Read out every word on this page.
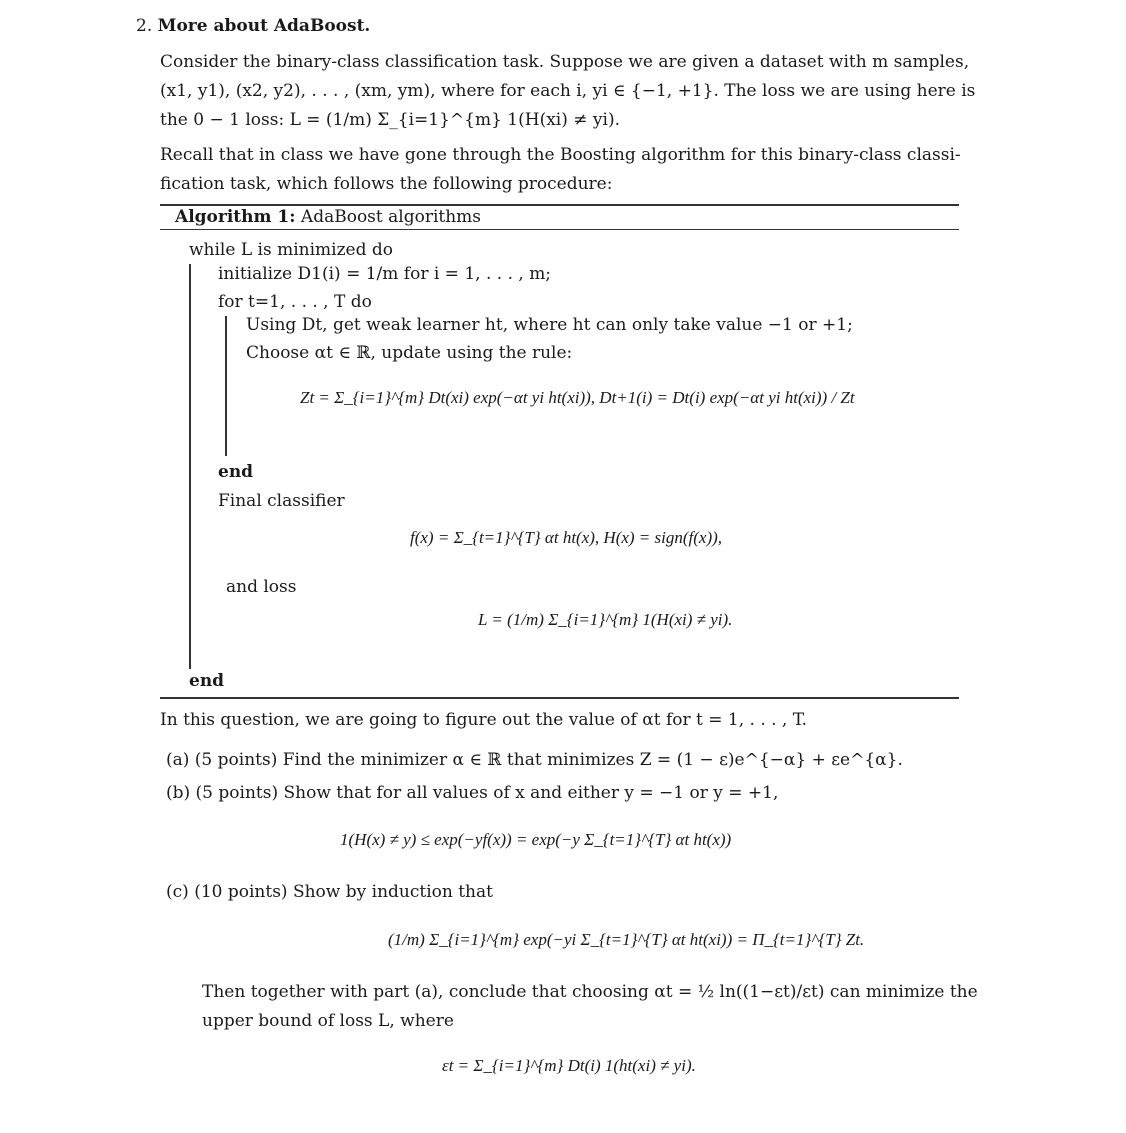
2. More about AdaBoost.
Consider the binary-class classification task. Suppose we are given a dataset with m samples,
(x1, y1), (x2, y2), . . . , (xm, ym), where for each i, yi ∈ {−1, +1}. The loss we are using here is
the 0 − 1 loss: L = (1/m) Σ_{i=1}^{m} 1(H(xi) ≠ yi).
Recall that in class we have gone through the Boosting algorithm for this binary-class classi-
fication task, which follows the following procedure:
Algorithm 1: AdaBoost algorithms
while L is minimized do
initialize D1(i) = 1/m for i = 1, . . . , m;
for t=1, . . . , T do
Using Dt, get weak learner ht, where ht can only take value −1 or +1;
Choose αt ∈ ℝ, update using the rule:
Zt = Σ_{i=1}^{m} Dt(xi) exp(−αt yi ht(xi)), Dt+1(i) = Dt(i) exp(−αt yi ht(xi)) / Zt
end
Final classifier
f(x) = Σ_{t=1}^{T} αt ht(x), H(x) = sign(f(x)),
and loss
L = (1/m) Σ_{i=1}^{m} 1(H(xi) ≠ yi).
end
In this question, we are going to figure out the value of αt for t = 1, . . . , T.
(a) (5 points) Find the minimizer α ∈ ℝ that minimizes Z = (1 − ε)e^{−α} + εe^{α}.
(b) (5 points) Show that for all values of x and either y = −1 or y = +1,
1(H(x) ≠ y) ≤ exp(−yf(x)) = exp(−y Σ_{t=1}^{T} αt ht(x))
(c) (10 points) Show by induction that
(1/m) Σ_{i=1}^{m} exp(−yi Σ_{t=1}^{T} αt ht(xi)) = Π_{t=1}^{T} Zt.
Then together with part (a), conclude that choosing αt = ½ ln((1−εt)/εt) can minimize the
upper bound of loss L, where
εt = Σ_{i=1}^{m} Dt(i) 1(ht(xi) ≠ yi).
